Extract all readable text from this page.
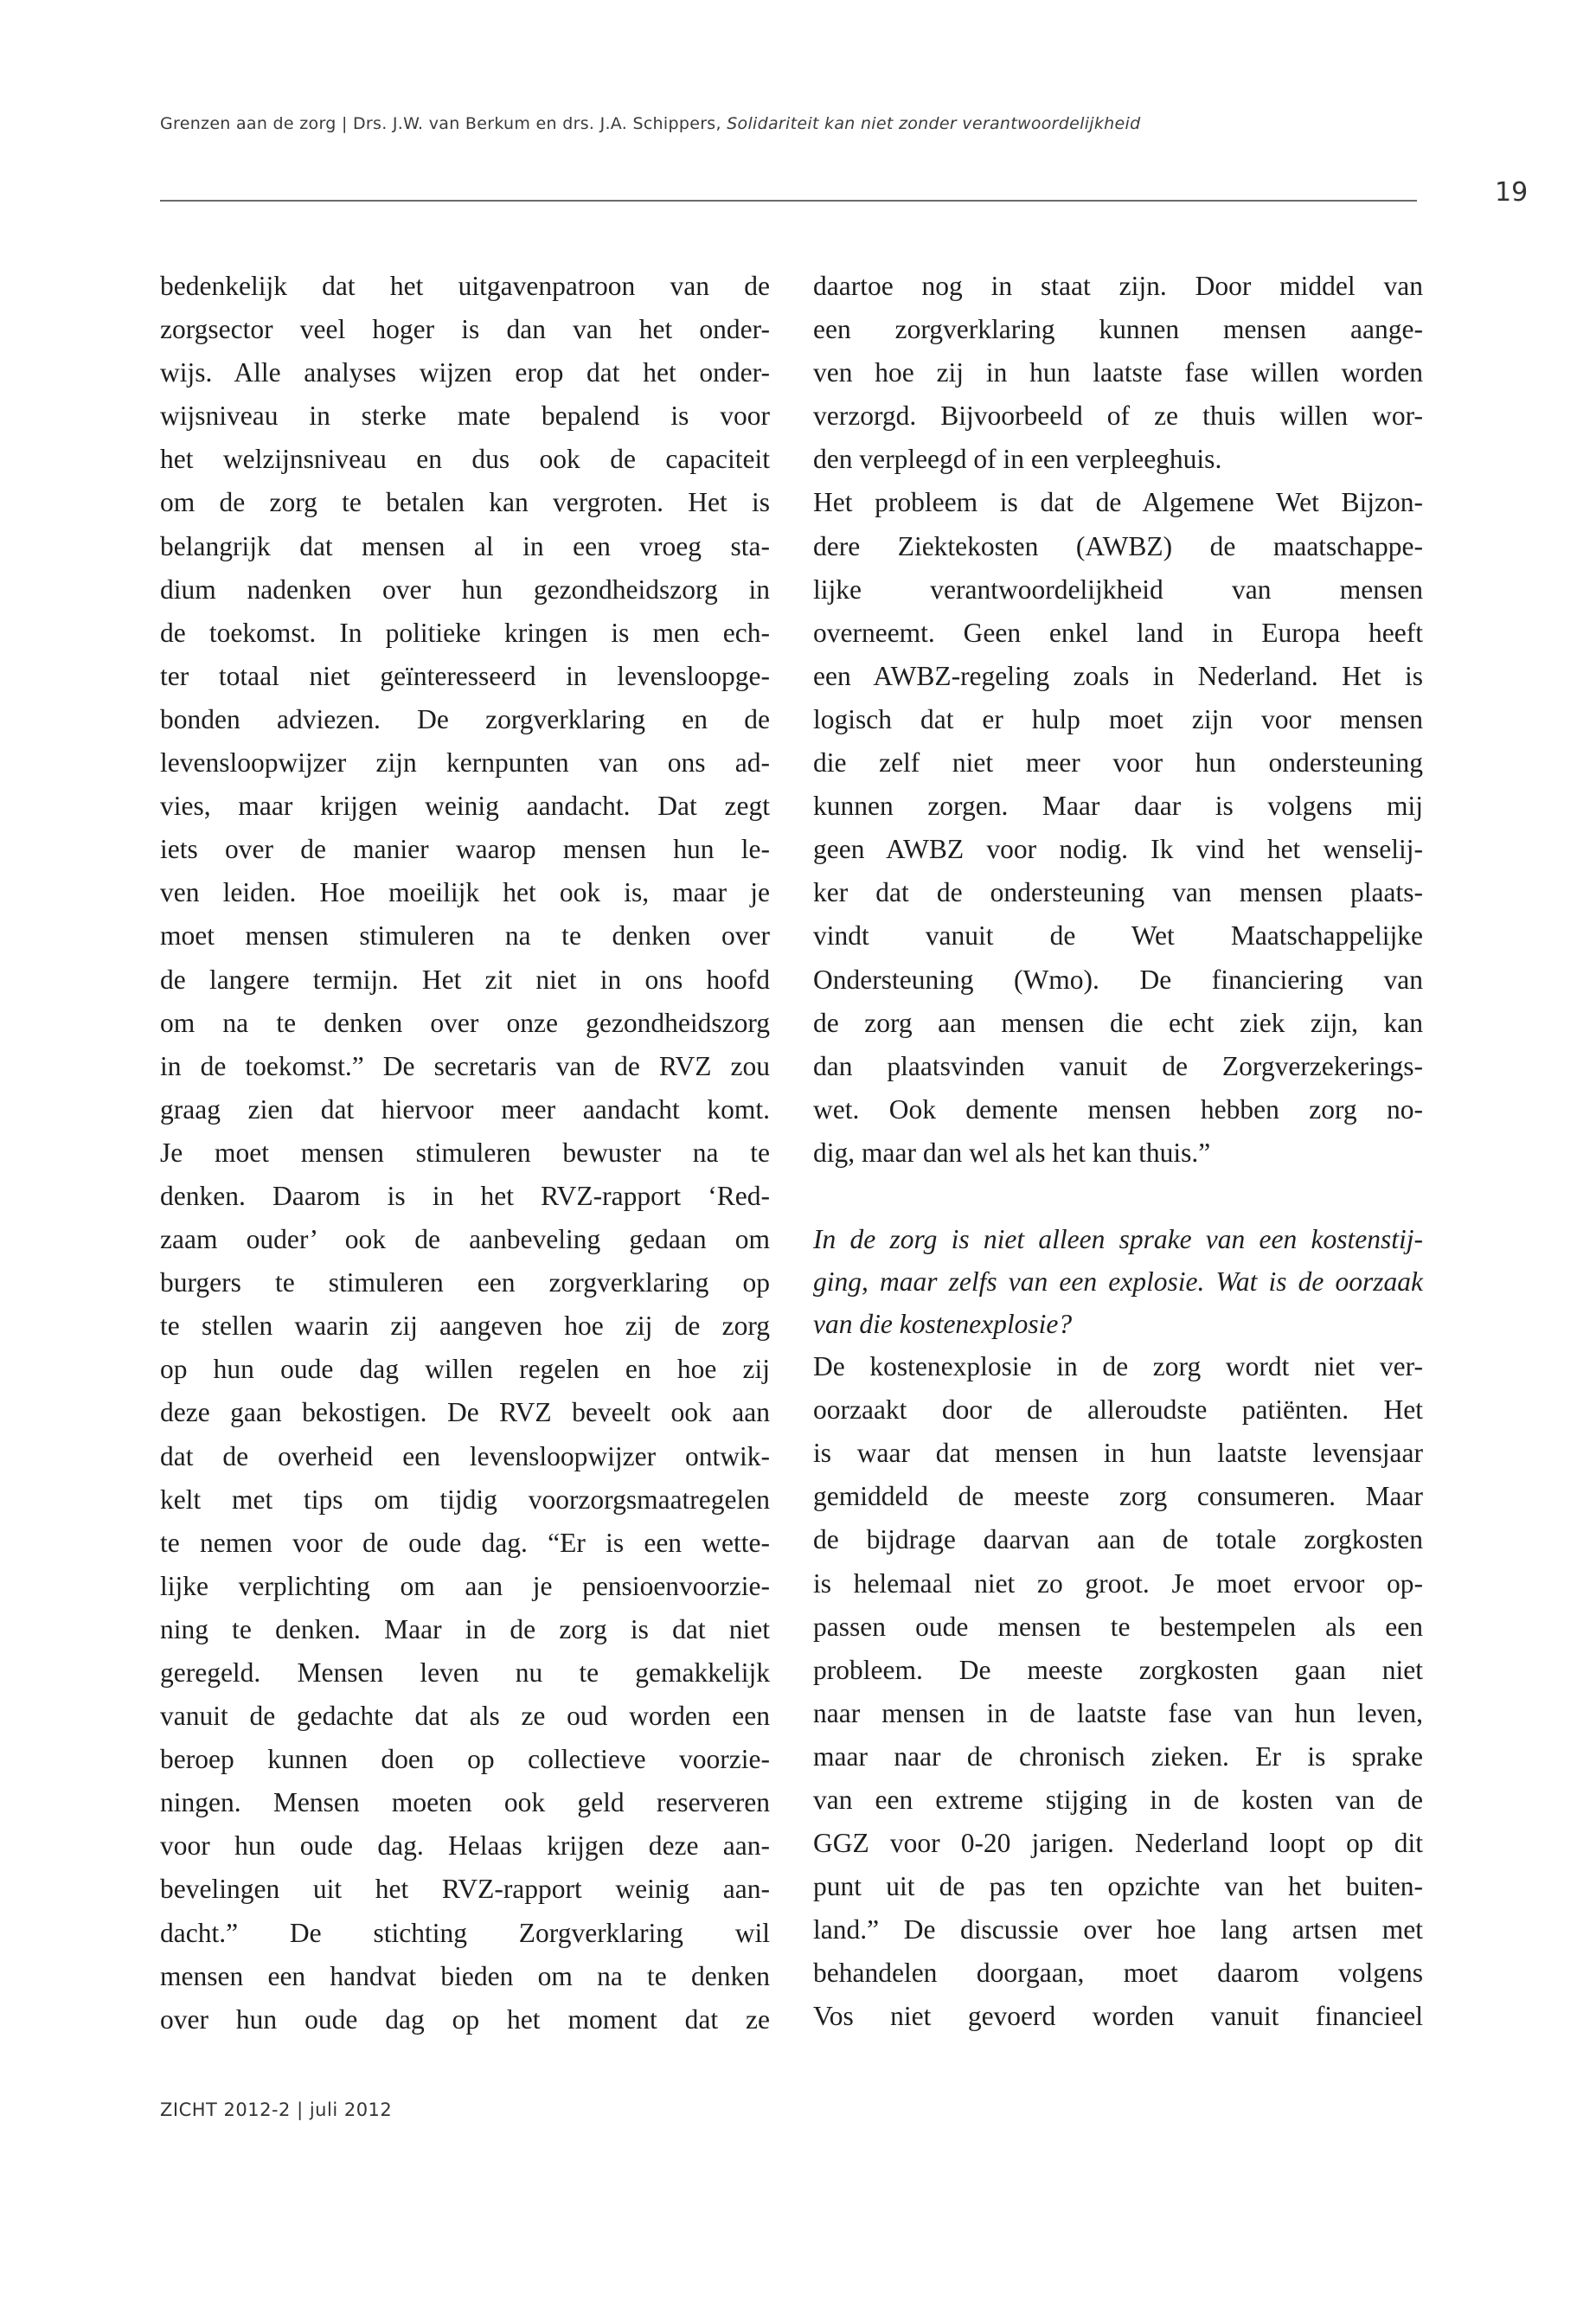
Grenzen aan de zorg | Drs. J.W. van Berkum en drs. J.A. Schippers, Solidariteit kan niet zonder verantwoordelijkheid
19
bedenkelijk dat het uitgavenpatroon van de
zorgsector veel hoger is dan van het onder-
wijs. Alle analyses wijzen erop dat het onder-
wijsniveau in sterke mate bepalend is voor
het welzijnsniveau en dus ook de capaciteit
om de zorg te betalen kan vergroten. Het is
belangrijk dat mensen al in een vroeg sta-
dium nadenken over hun gezondheidszorg in
de toekomst. In politieke kringen is men ech-
ter totaal niet geïnteresseerd in levensloopge-
bonden adviezen. De zorgverklaring en de
levensloopwijzer zijn kernpunten van ons ad-
vies, maar krijgen weinig aandacht. Dat zegt
iets over de manier waarop mensen hun le-
ven leiden. Hoe moeilijk het ook is, maar je
moet mensen stimuleren na te denken over
de langere termijn. Het zit niet in ons hoofd
om na te denken over onze gezondheidszorg
in de toekomst.” De secretaris van de RVZ zou
graag zien dat hiervoor meer aandacht komt.
Je moet mensen stimuleren bewuster na te
denken. Daarom is in het RVZ-rapport ‘Red-
zaam ouder’ ook de aanbeveling gedaan om
burgers te stimuleren een zorgverklaring op
te stellen waarin zij aangeven hoe zij de zorg
op hun oude dag willen regelen en hoe zij
deze gaan bekostigen. De RVZ beveelt ook aan
dat de overheid een levensloopwijzer ontwik-
kelt met tips om tijdig voorzorgsmaatregelen
te nemen voor de oude dag. “Er is een wette-
lijke verplichting om aan je pensioenvoorzie-
ning te denken. Maar in de zorg is dat niet
geregeld. Mensen leven nu te gemakkelijk
vanuit de gedachte dat als ze oud worden een
beroep kunnen doen op collectieve voorzie-
ningen. Mensen moeten ook geld reserveren
voor hun oude dag. Helaas krijgen deze aan-
bevelingen uit het RVZ-rapport weinig aan-
dacht.” De stichting Zorgverklaring wil
mensen een handvat bieden om na te denken
over hun oude dag op het moment dat ze
daartoe nog in staat zijn. Door middel van
een zorgverklaring kunnen mensen aange-
ven hoe zij in hun laatste fase willen worden
verzorgd. Bijvoorbeeld of ze thuis willen wor-
den verpleegd of in een verpleeghuis.
Het probleem is dat de Algemene Wet Bijzon-
dere Ziektekosten (AWBZ) de maatschappe-
lijke verantwoordelijkheid van mensen
overneemt. Geen enkel land in Europa heeft
een AWBZ-regeling zoals in Nederland. Het is
logisch dat er hulp moet zijn voor mensen
die zelf niet meer voor hun ondersteuning
kunnen zorgen. Maar daar is volgens mij
geen AWBZ voor nodig. Ik vind het wenselij-
ker dat de ondersteuning van mensen plaats-
vindt vanuit de Wet Maatschappelijke
Ondersteuning (Wmo). De financiering van
de zorg aan mensen die echt ziek zijn, kan
dan plaatsvinden vanuit de Zorgverzekerings-
wet. Ook demente mensen hebben zorg no-
dig, maar dan wel als het kan thuis.”

In de zorg is niet alleen sprake van een kostenstij-
ging, maar zelfs van een explosie. Wat is de oorzaak
van die kostenexplosie?
De kostenexplosie in de zorg wordt niet ver-
oorzaakt door de alleroudste patiënten. Het
is waar dat mensen in hun laatste levensjaar
gemiddeld de meeste zorg consumeren. Maar
de bijdrage daarvan aan de totale zorgkosten
is helemaal niet zo groot. Je moet ervoor op-
passen oude mensen te bestempelen als een
probleem. De meeste zorgkosten gaan niet
naar mensen in de laatste fase van hun leven,
maar naar de chronisch zieken. Er is sprake
van een extreme stijging in de kosten van de
GGZ voor 0-20 jarigen. Nederland loopt op dit
punt uit de pas ten opzichte van het buiten-
land.” De discussie over hoe lang artsen met
behandelen doorgaan, moet daarom volgens
Vos niet gevoerd worden vanuit financieel
ZICHT 2012-2 | juli 2012
